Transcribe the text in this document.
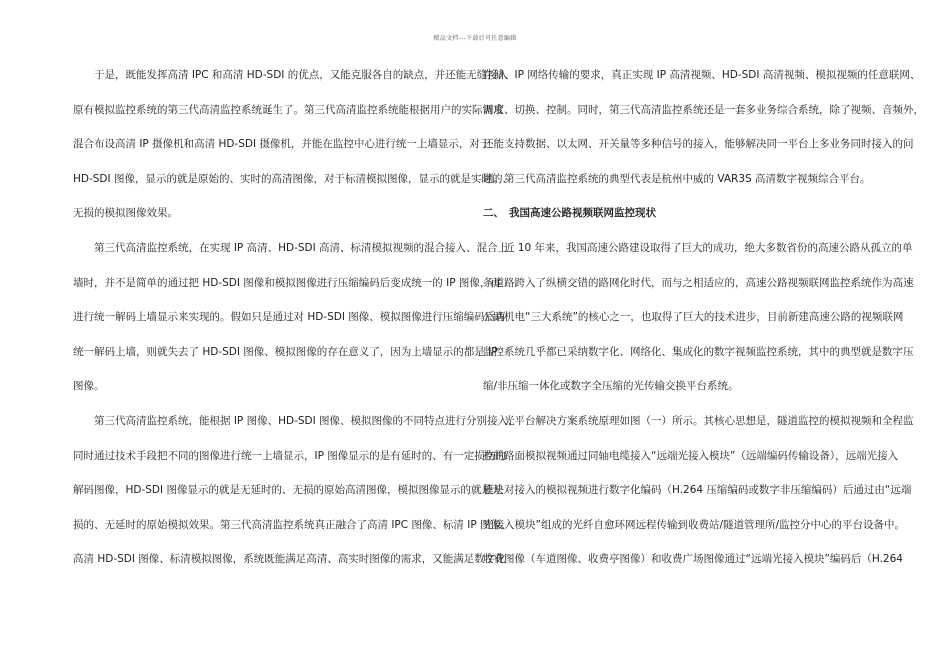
精品文档---下载后可任意编辑
于是，既能发挥高清 IPC 和高清 HD-SDI 的优点，又能克服各自的缺点，并还能无缝接入
原有模拟监控系统的第三代高清监控系统诞生了。第三代高清监控系统能根据用户的实际需求
混合布设高清 IP 摄像机和高清 HD-SDI 摄像机，并能在监控中心进行统一上墙显示，对于
HD-SDI 图像，显示的就是原始的、实时的高清图像，对于标清模拟图像，显示的就是实时的、
无损的模拟图像效果。
第三代高清监控系统，在实现 IP 高清、HD-SDI 高清、标清模拟视频的混合接入、混合上
墙时，并不是简单的通过把 HD-SDI 图像和模拟图像进行压缩编码后变成统一的 IP 图像，再
进行统一解码上墙显示来实现的。假如只是通过对 HD-SDI 图像、模拟图像进行压缩编码后再
统一解码上墙，则就失去了 HD-SDI 图像、模拟图像的存在意义了，因为上墙显示的都是 IP
图像。
第三代高清监控系统，能根据 IP 图像、HD-SDI 图像、模拟图像的不同特点进行分别接入，
同时通过技术手段把不同的图像进行统一上墙显示，IP 图像显示的是有延时的、有一定损伤的
解码图像，HD-SDI 图像显示的就是无延时的、无损的原始高清图像，模拟图像显示的就是无
损的、无延时的原始模拟效果。第三代高清监控系统真正融合了高清 IPC 图像、标清 IP 图像、
高清 HD-SDI 图像、标清模拟图像，系统既能满足高清、高实时图像的需求，又能满足数字化
存储、IP 网络传输的要求，真正实现 IP 高清视频、HD-SDI 高清视频、模拟视频的任意联网、
调度、切换、控制。同时，第三代高清监控系统还是一套多业务综合系统，除了视频、音频外，
还能支持数据、以太网、开关量等多种信号的接入，能够解决同一平台上多业务同时接入的问
题。第三代高清监控系统的典型代表是杭州中威的 VAR3S 高清数字视频综合平台。
二、 我国高速公路视频联网监控现状
近 10 年来，我国高速公路建设取得了巨大的成功，绝大多数省份的高速公路从孤立的单
条道路跨入了纵横交错的路网化时代，而与之相适应的，高速公路视频联网监控系统作为高速
公路机电“三大系统”的核心之一，也取得了巨大的技术进步，目前新建高速公路的视频联网
监控系统几乎都已采纳数字化、网络化、集成化的数字视频监控系统，其中的典型就是数字压
缩/非压缩一体化或数字全压缩的光传输交换平台系统。
光平台解决方案系统原理如图（一）所示。其核心思想是，隧道监控的模拟视频和全程监
控的路面模拟视频通过同轴电缆接入“远端光接入模块”（远端编码传输设备），远端光接入
模块对接入的模拟视频进行数字化编码（H.264 压缩编码或数字非压缩编码）后通过由“远端
光接入模块”组成的光纤自愈环网远程传输到收费站/隧道管理所/监控分中心的平台设备中。
收费图像（车道图像、收费亭图像）和收费广场图像通过“远端光接入模块”编码后（H.264
